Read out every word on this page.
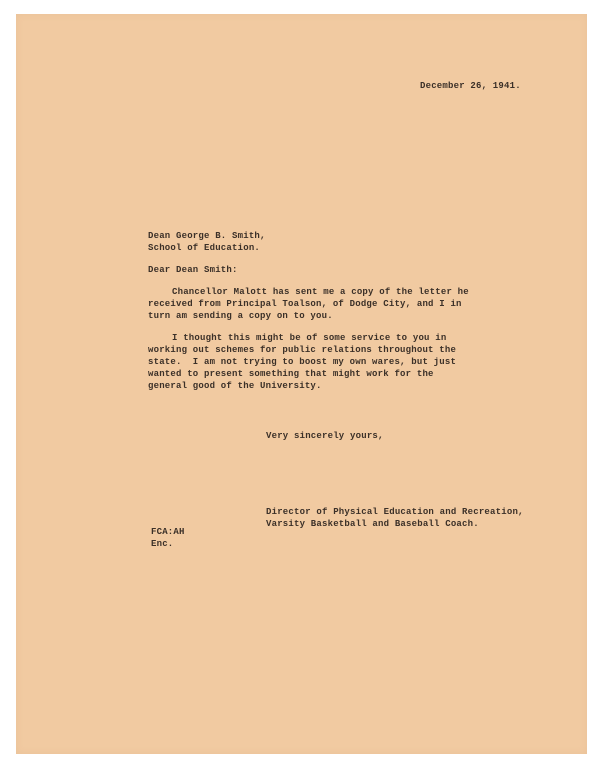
December 26, 1941.
Dean George B. Smith,
School of Education.
Dear Dean Smith:
Chancellor Malott has sent me a copy of the letter he
received from Principal Toalson, of Dodge City, and I in
turn am sending a copy on to you.
I thought this might be of some service to you in
working out schemes for public relations throughout the
state.  I am not trying to boost my own wares, but just
wanted to present something that might work for the
general good of the University.
Very sincerely yours,
Director of Physical Education and Recreation,
Varsity Basketball and Baseball Coach.
FCA:AH
Enc.
